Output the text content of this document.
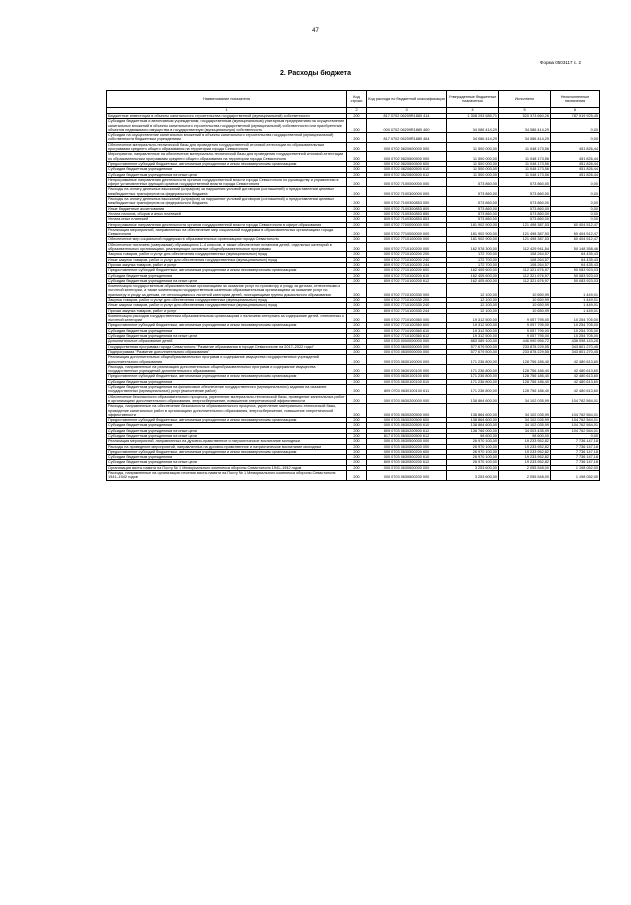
47
Форма 0503117 с. 2
2. Расходы бюджета
Наименование показателя	Код строки	Код расхода по бюджетной классификации	Утвержденные бюджетные назначения	Исполнено	Неисполненные назначения
1	2	3	4	5	6
Бюджетные инвестиции в объекты капитального строительства государственной (муниципальной) собственности	200	817 0702 06209R1880 414	1 308 293 585,71	520 373 660,26	787 919 925,45
Субсидии бюджетным и автономным учреждениям, государственным (муниципальным) унитарным предприятиям на осуществление капитальных вложений в объекты капитального строительства государственной (муниципальной) собственности или приобретение объектов недвижимого имущества в государственную (муниципальную) собственность	200	000 0702 06209R1880 460	34 086 414,29	34 086 414,29	0,00
Субсидии на осуществление капитальных вложений в объекты капитального строительства государственной (муниципальной) собственности бюджетным учреждениям	200	817 0702 06209R1880 464	34 086 414,29	34 086 414,29	0,00
Обеспечение материально-технической базы для проведения государственной итоговой аттестации по образовательным программам среднего общего образования на территории города Севастополя	200	000 0702 0620600000 000	11 500 000,00	11 048 173,56	451 826,44
Мероприятия, направленные на обеспечение материально-технической базы для проведения государственной итоговой аттестации по образовательным программам среднего общего образования на территории города Севастополя	200	000 0702 0620600500 000	11 500 000,00	11 048 173,56	451 826,44
Предоставление субсидий бюджетным, автономным учреждениям и иным некоммерческим организациям	200	000 0702 0620600500 600	11 500 000,00	11 048 173,56	451 826,44
Субсидии бюджетным учреждениям	200	000 0702 0620600500 610	11 500 000,00	11 048 173,56	451 826,44
Субсидии бюджетным учреждениям на иные цели	200	809 0702 0620600500 612	11 500 000,00	11 048 173,56	451 826,44
Непрограммные направления деятельности органов государственной власти города Севастополя по руководству и управлению в сфере установленных функций органов государственной власти города Севастополя	200	000 0702 7100000000 000	573 860,00	573 860,00	0,00
Расходы на оплату денежных взысканий (штрафов) за нарушения условий договоров (соглашений) о предоставлении целевых межбюджетных трансфертов из федерального бюджета	200	000 0702 7100300000 000	573 860,00	573 860,00	0,00
Расходы на оплату денежных взысканий (штрафов) за нарушение условий договоров (соглашений) о предоставлении целевых межбюджетных трансфертов из федерального бюджета	200	000 0702 7100300853 000	573 860,00	573 860,00	0,00
Иные бюджетные ассигнования	200	000 0702 7100300853 800	573 860,00	573 860,00	0,00
Уплата налогов, сборов и иных платежей	200	000 0702 7100300853 850	573 860,00	573 860,00	0,00
Уплата иных платежей	200	809 0702 7100300853 853	573 860,00	573 860,00	0,00
Непрограммные направления деятельности органов государственной власти города Севастополя в сфере образования	200	000 0702 7700000000 000	181 902 900,00	121 498 387,53	60 404 512,47
Реализация мероприятий, направленных на обеспечение мер социальной поддержки в образовательных организациях города Севастополя	200	000 0702 7710000000 000	181 902 900,00	121 498 387,53	60 404 512,47
Обеспечение мер социальной поддержки в образовательных организациях города Севастополя	200	000 0702 7710100000 000	181 902 900,00	121 498 387,53	60 404 512,47
Обеспечение питанием (завтраками) обучающихся 1–4 классов, а также обеспечение питанием детей, отдельных категорий в образовательных организациях, реализующих основные общеобразовательные программы	200	000 0702 7710100200 000	162 578 300,00	112 429 941,54	50 148 358,46
Закупка товаров, работ и услуг для обеспечения государственных (муниципальных) нужд	200	000 0702 7710100200 200	172 700,00	108 264,57	64 435,43
Иные закупки товаров, работ и услуг для обеспечения государственных (муниципальных) нужд	200	000 0702 7710100200 240	172 700,00	108 264,57	64 435,43
Прочая закупка товаров, работ и услуг	200	809 0702 7710100200 244	172 700,00	108 264,57	64 435,43
Предоставление субсидий бюджетным, автономным учреждениям и иным некоммерческим организациям	200	000 0702 7710100200 600	162 405 600,00	112 321 676,97	50 083 923,03
Субсидии бюджетным учреждениям	200	000 0702 7710100200 610	162 405 600,00	112 321 676,97	50 083 923,03
Субсидии бюджетным учреждениям на иные цели	200	809 0702 7710100200 612	162 405 600,00	112 321 676,97	50 083 923,03
Компенсация государственным образовательным организациям за оказание услуг по присмотру и уходу за детьми, отнесенными к льготной категории, а также компенсация государственным казенным образовательным организациям за оказание услуг по присмотру и уходу за детьми, не относящимися к льготной категории детей, посещающими группы дошкольного образования	200	000 0702 7710100330 000	12 100,00	10 650,99	1 449,01
Закупка товаров, работ и услуг для обеспечения государственных (муниципальных) нужд	200	000 0702 7710100330 200	12 100,00	10 650,99	1 449,01
Иные закупки товаров, работ и услуг для обеспечения государственных (муниципальных) нужд	200	000 0702 7710100330 240	12 100,00	10 650,99	1 449,01
Прочая закупка товаров, работ и услуг	200	809 0702 7710100330 244	12 100,00	10 650,99	1 449,01
Компенсация расходов государственным образовательным организациям с наличием интерната за содержание детей, отнесенных к льготной категории	200	000 0702 7710100360 000	19 312 500,00	9 057 795,00	10 254 705,00
Предоставление субсидий бюджетным, автономным учреждениям и иным некоммерческим организациям	200	000 0702 7710100360 600	19 312 500,00	9 057 795,00	10 254 705,00
Субсидии бюджетным учреждениям	200	000 0702 7710100360 610	19 312 500,00	9 057 795,00	10 254 705,00
Субсидии бюджетным учреждениям на иные цели	200	809 0702 7710100360 612	19 312 500,00	9 057 795,00	10 254 705,00
Дополнительное образование детей	200	000 0703 0000000000 000	883 089 100,00	446 990 956,72	436 098 143,28
Государственная программа города Севастополя "Развитие образования в городе Севастополе на 2017–2022 годы"	200	000 0703 0600000000 000	577 679 500,00	233 878 229,55	343 801 270,45
Подпрограмма "Развитие дополнительного образования"	200	000 0703 0630000000 000	577 679 500,00	233 878 229,55	343 801 270,45
Реализация дополнительных общеобразовательных программ и содержание имущества государственных учреждений дополнительного образования	200	000 0703 0630100000 000	171 236 800,00	128 756 186,40	42 480 613,60
Расходы, направленные на реализацию дополнительных общеобразовательных программ и содержание имущества государственных учреждений дополнительного образования	200	000 0703 0630100100 000	171 236 800,00	128 756 186,40	42 480 613,60
Предоставление субсидий бюджетным, автономным учреждениям и иным некоммерческим организациям	200	000 0703 0630100100 600	171 236 800,00	128 756 186,40	42 480 613,60
Субсидии бюджетным учреждениям	200	000 0703 0630100100 610	171 236 800,00	128 756 186,40	42 480 613,60
Субсидии бюджетным учреждениям на финансовое обеспечение государственного (муниципального) задания на оказание государственных (муниципальных) услуг (выполнение работ)	200	809 0703 0630100100 611	171 236 800,00	128 756 186,40	42 480 613,60
Обеспечение безопасности образовательного процесса, укрепление материально-технической базы, проведение капитальных работ в организациях дополнительного образования, энергосбережение, повышение энергетической эффективности	200	000 0703 0630200000 000	138 864 600,00	34 102 035,99	104 762 564,01
Расходы, направленные на обеспечение безопасности образовательного процесса, укрепление материально-технической базы, проведение капитальных работ в организациях дополнительного образования, энергосбережение, повышение энергетической эффективности	200	000 0703 0630200500 000	138 864 600,00	34 102 035,99	104 762 564,01
Предоставление субсидий бюджетным, автономным учреждениям и иным некоммерческим организациям	200	000 0703 0630200500 600	138 864 600,00	34 102 035,99	104 762 564,01
Субсидии бюджетным учреждениям	200	000 0703 0630200500 610	138 864 600,00	34 102 035,99	104 762 564,01
Субсидии бюджетным учреждениям на иные цели	200	809 0703 0630200500 612	138 766 000,00	34 003 435,99	104 762 564,01
Субсидии бюджетным учреждениям на иные цели	200	817 0703 0630200500 612	98 600,00	98 600,00	0,00
Реализация мероприятий, направленных на духовно-нравственное и патриотическое воспитание молодежи	200	000 0703 0630500000 000	26 970 100,00	19 233 952,82	7 736 147,18
Расходы на проведение мероприятий, направленных на духовно-нравственное и патриотическое воспитание молодежи	200	000 0703 0630500200 000	26 970 100,00	19 233 952,82	7 736 147,18
Предоставление субсидий бюджетным, автономным учреждениям и иным некоммерческим организациям	200	000 0703 0630500200 600	26 970 100,00	19 233 952,82	7 736 147,18
Субсидии бюджетным учреждениям	200	000 0703 0630500200 610	26 970 100,00	19 233 952,82	7 736 147,18
Субсидии бюджетным учреждениям на иные цели	200	809 0703 0630500200 612	26 970 100,00	19 233 952,82	7 736 147,18
Организация вахты памяти на Посту № 1 Мемориального комплекса обороны Севастополя 1941–1942 годов	200	000 0703 0630600000 000	3 253 600,00	2 055 548,00	1 198 052,00
Расходы, направленные на организацию несения вахты памяти на Посту № 1 Мемориального комплекса обороны Севастополя 1941–1942 годов	200	000 0703 0630600200 000	3 253 600,00	2 055 548,00	1 198 052,00
